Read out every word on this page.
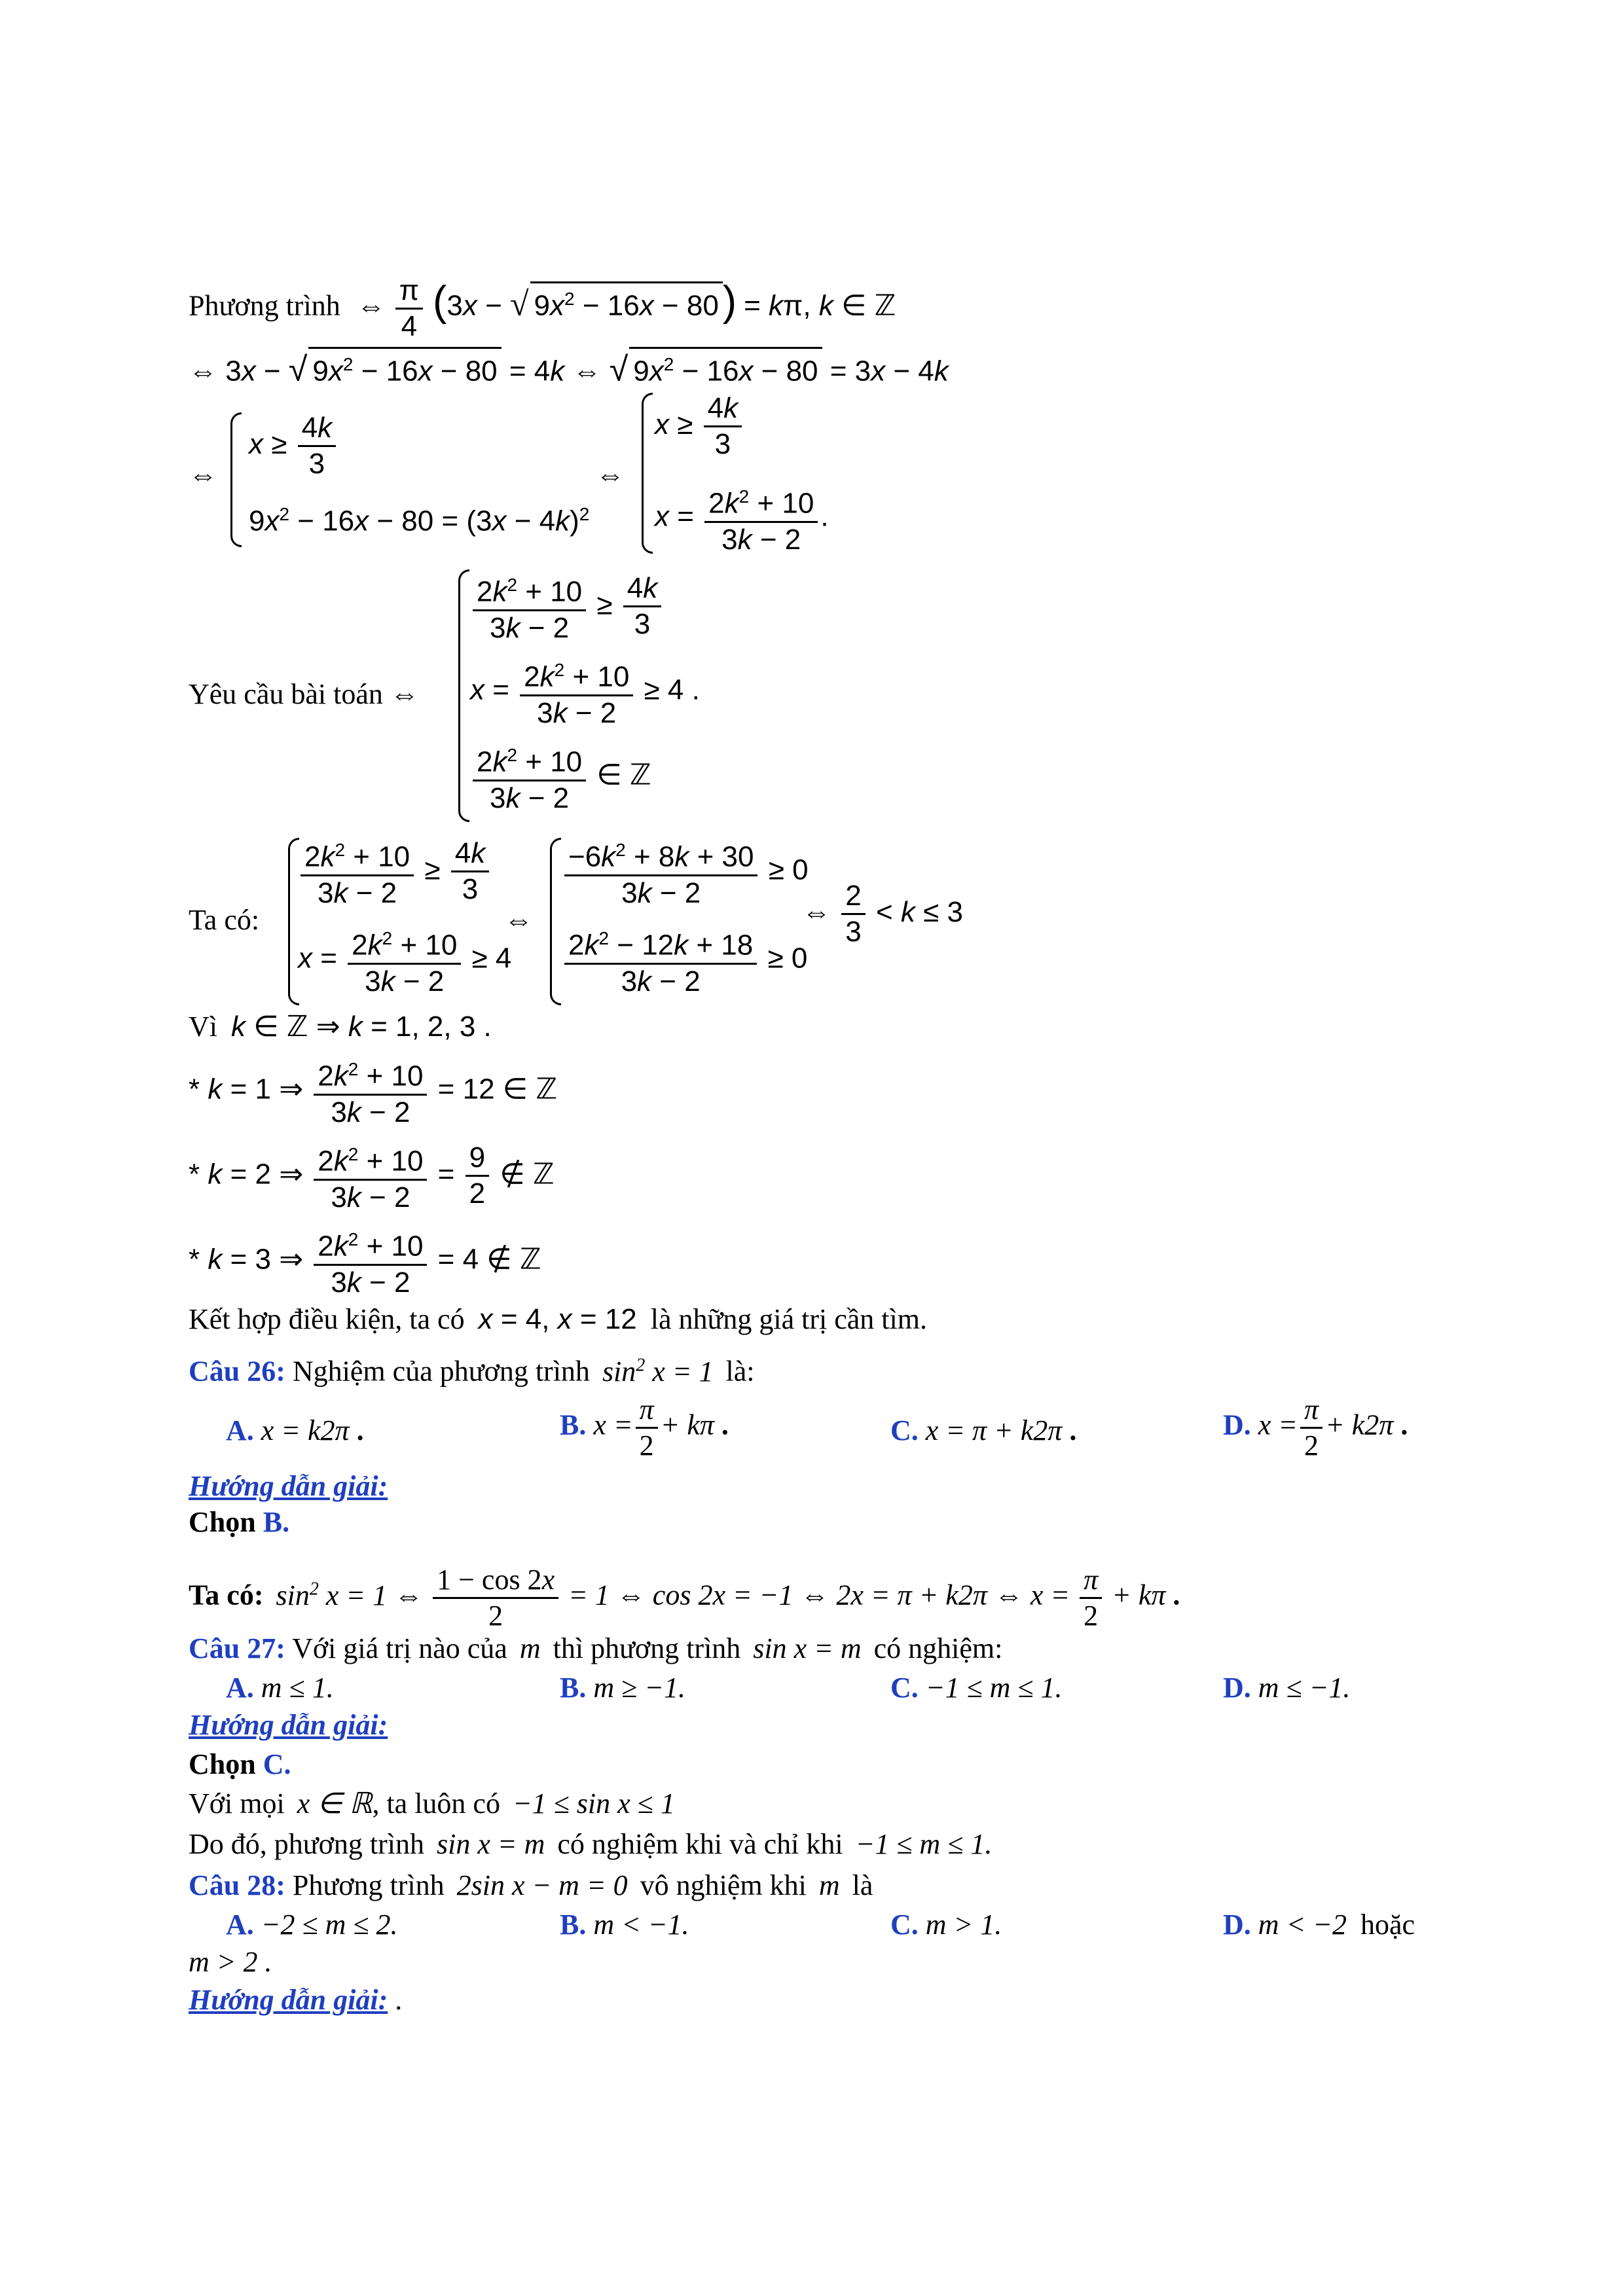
Phương trình ⇔ $\frac{\pi}{4} (3x$ − √ $9x^2 - 16x - 80) = k\pi$, k ∈ ℤ
⇔ 3x − √ $9x^2 - 16x - 80 = 4k$ ⇔ √ $9x^2 - 16x - 80 = 3x - 4k$
⇔
$x \ge \frac{4k}{3}$
$9x^2 - 16x - 80 = (3x - 4k)^2$
⇔
$x \ge \frac{4k}{3}$
$x = \frac{2k^2 + 10}{3k - 2}$ .
Yêu cầu bài toán ⇔
$\frac{2k^2 + 10}{3k - 2} \ge \frac{4k}{3}$
$x = \frac{2k^2 + 10}{3k - 2} \ge 4$ .
$\frac{2k^2 + 10}{3k - 2}$ ∈ ℤ
Ta có:
$\frac{2k^2 + 10}{3k - 2} \ge \frac{4k}{3}$
$x = \frac{2k^2 + 10}{3k - 2} \ge 4$
⇔
$\frac{-6k^2 + 8k + 30}{3k - 2} \ge 0$
$\frac{2k^2 - 12k + 18}{3k - 2} \ge 0$
⇔ $\frac{2}{3} < k \le 3$
Vì k ∈ ℤ ⇒ k = 1, 2, 3 .
* k = 1 ⇒ $\frac{2k^2 + 10}{3k - 2} = 12$ ∈ ℤ
* k = 2 ⇒ $\frac{2k^2 + 10}{3k - 2} = \frac{9}{2}$ ∉ ℤ
* k = 3 ⇒ $\frac{2k^2 + 10}{3k - 2} = 4$ ∉ ℤ
Kết hợp điều kiện, ta có x = 4, x = 12 là những giá trị cần tìm.
Câu 26: Nghiệm của phương trình $\sin^2 x = 1$ là:
A. x = k2π .	B. $x = \frac{\pi}{2} + k\pi$ .	C. x = π + k2π .	D. $x = \frac{\pi}{2} + k2\pi$ .
Hướng dẫn giải:
Chọn B.
Ta có: $\sin^2 x = 1$ ⇔ $\frac{1 - \cos 2x}{2} = 1$ ⇔ cos 2x = −1 ⇔ 2x = π + k2π ⇔ $x = \frac{\pi}{2} + k\pi$ .
Câu 27: Với giá trị nào của m thì phương trình sin x = m có nghiệm:
A. m ≤ 1.	B. m ≥ −1.	C. −1 ≤ m ≤ 1.	D. m ≤ −1.
Hướng dẫn giải:
Chọn C.
Với mọi x ∈ ℝ, ta luôn có −1 ≤ sin x ≤ 1
Do đó, phương trình sin x = m có nghiệm khi và chỉ khi −1 ≤ m ≤ 1.
Câu 28: Phương trình 2sin x − m = 0 vô nghiệm khi m là
A. −2 ≤ m ≤ 2.	B. m < −1.	C. m > 1.	D. m < −2 hoặc
m > 2 .
Hướng dẫn giải: .
